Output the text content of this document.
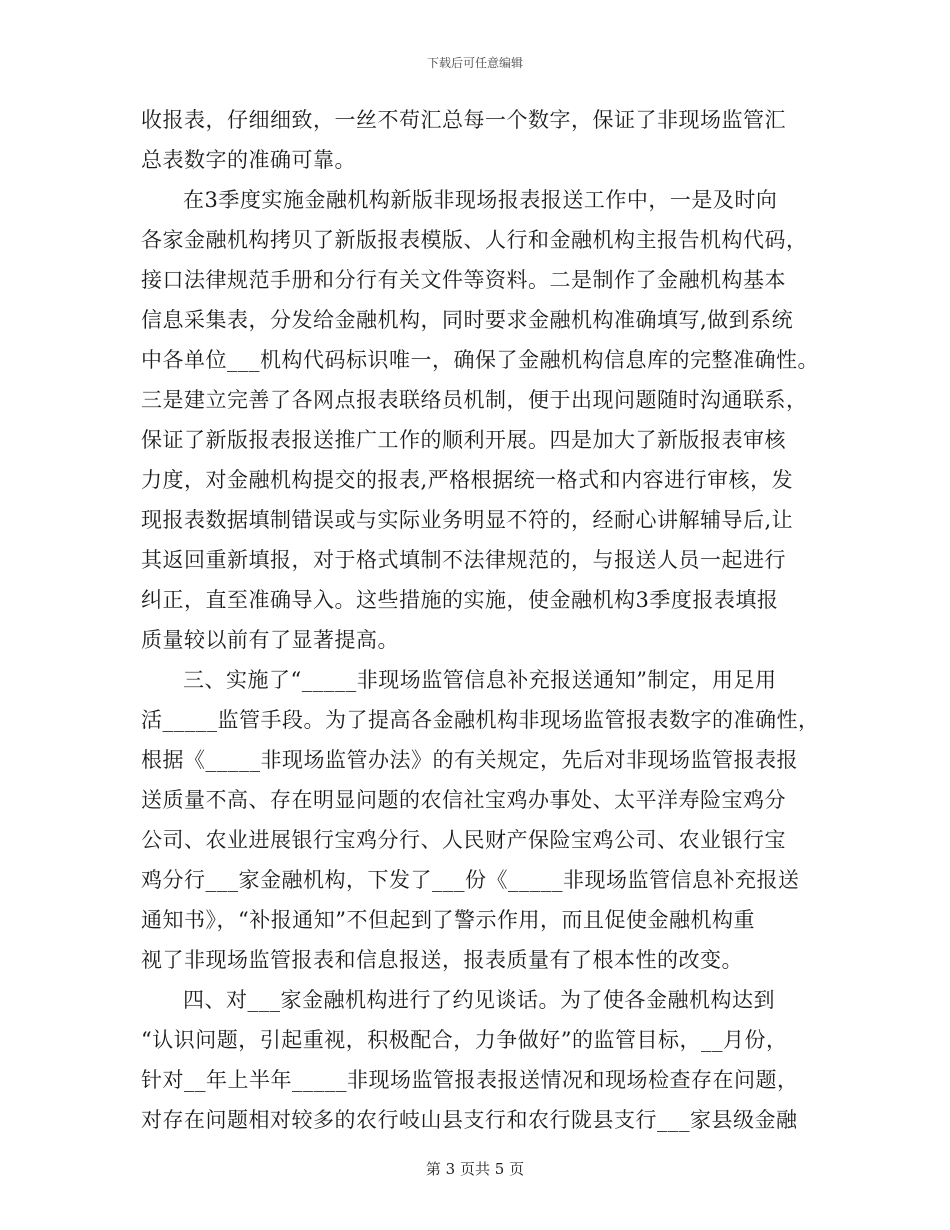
下载后可任意编辑
收报表，仔细细致，一丝不苟汇总每一个数字，保证了非现场监管汇
总表数字的准确可靠。
在3季度实施金融机构新版非现场报表报送工作中，一是及时向
各家金融机构拷贝了新版报表模版、人行和金融机构主报告机构代码，
接口法律规范手册和分行有关文件等资料。二是制作了金融机构基本
信息采集表，分发给金融机构，同时要求金融机构准确填写,做到系统
中各单位___机构代码标识唯一，确保了金融机构信息库的完整准确性。
三是建立完善了各网点报表联络员机制，便于出现问题随时沟通联系，
保证了新版报表报送推广工作的顺利开展。四是加大了新版报表审核
力度，对金融机构提交的报表,严格根据统一格式和内容进行审核，发
现报表数据填制错误或与实际业务明显不符的，经耐心讲解辅导后,让
其返回重新填报，对于格式填制不法律规范的，与报送人员一起进行
纠正，直至准确导入。这些措施的实施，使金融机构3季度报表填报
质量较以前有了显著提高。
三、实施了“_____非现场监管信息补充报送通知”制定，用足用
活_____监管手段。为了提高各金融机构非现场监管报表数字的准确性，
根据《_____非现场监管办法》的有关规定，先后对非现场监管报表报
送质量不高、存在明显问题的农信社宝鸡办事处、太平洋寿险宝鸡分
公司、农业进展银行宝鸡分行、人民财产保险宝鸡公司、农业银行宝
鸡分行___家金融机构，下发了___份《_____非现场监管信息补充报送
通知书》，“补报通知”不但起到了警示作用，而且促使金融机构重
视了非现场监管报表和信息报送，报表质量有了根本性的改变。
四、对___家金融机构进行了约见谈话。为了使各金融机构达到
“认识问题，引起重视，积极配合，力争做好”的监管目标，__月份，
针对__年上半年_____非现场监管报表报送情况和现场检查存在问题，
对存在问题相对较多的农行岐山县支行和农行陇县支行___家县级金融
第 3 页共 5 页
